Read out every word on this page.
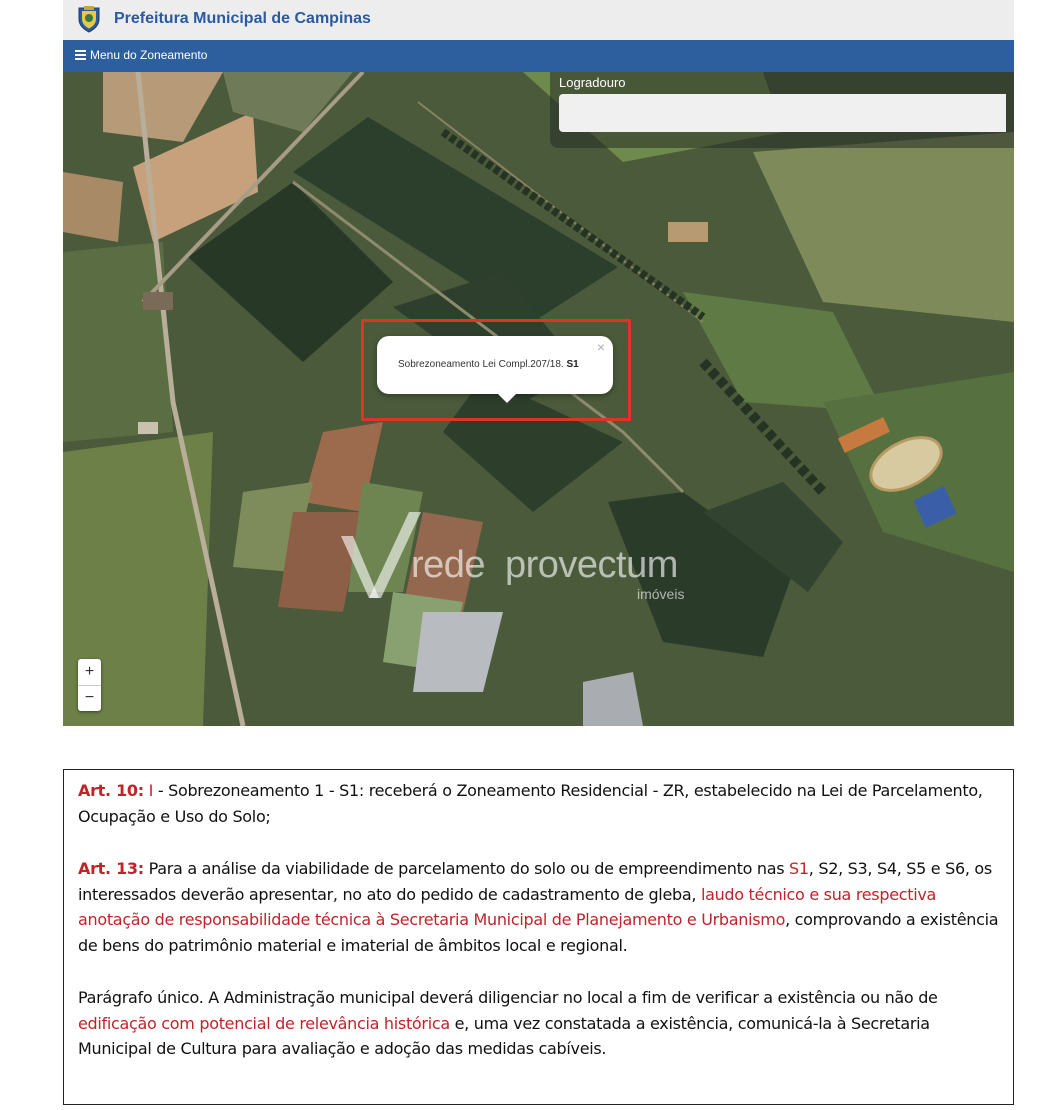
Prefeitura Municipal de Campinas
Menu do Zoneamento
Logradouro
×
Sobrezoneamento Lei Compl.207/18. S1
+
−
rede provectum
imóveis
Art. 10: I - Sobrezoneamento 1 - S1: receberá o Zoneamento Residencial - ZR, estabelecido na Lei de Parcelamento, Ocupação e Uso do Solo;
Art. 13: Para a análise da viabilidade de parcelamento do solo ou de empreendimento nas S1, S2, S3, S4, S5 e S6, os interessados deverão apresentar, no ato do pedido de cadastramento de gleba, laudo técnico e sua respectiva anotação de responsabilidade técnica à Secretaria Municipal de Planejamento e Urbanismo, comprovando a existência de bens do patrimônio material e imaterial de âmbitos local e regional.
Parágrafo único. A Administração municipal deverá diligenciar no local a fim de verificar a existência ou não de edificação com potencial de relevância histórica e, uma vez constatada a existência, comunicá-la à Secretaria Municipal de Cultura para avaliação e adoção das medidas cabíveis.
